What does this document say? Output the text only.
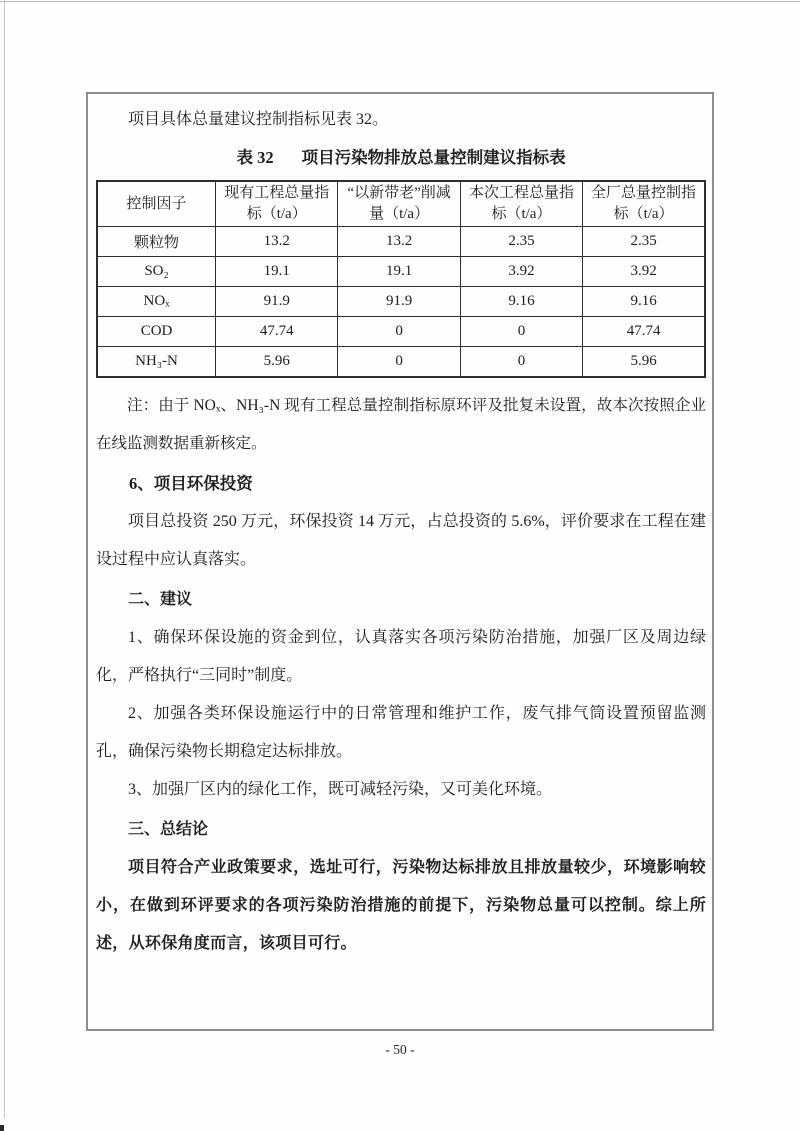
项目具体总量建议控制指标见表 32。

表 32 项目污染物排放总量控制建议指标表

控制因子	现有工程总量指标（t/a）	“以新带老”削减量（t/a）	本次工程总量指标（t/a）	全厂总量控制指标（t/a）
颗粒物	13.2	13.2	2.35	2.35
SO₂	19.1	19.1	3.92	3.92
NOₓ	91.9	91.9	9.16	9.16
COD	47.74	0	0	47.74
NH₃-N	5.96	0	0	5.96

注：由于 NOₓ、NH₃-N 现有工程总量控制指标原环评及批复未设置，故本次按照企业在线监测数据重新核定。

6、项目环保投资

项目总投资 250 万元，环保投资 14 万元，占总投资的 5.6%，评价要求在工程在建设过程中应认真落实。

二、建议

1、确保环保设施的资金到位，认真落实各项污染防治措施，加强厂区及周边绿化，严格执行“三同时”制度。

2、加强各类环保设施运行中的日常管理和维护工作，废气排气筒设置预留监测孔，确保污染物长期稳定达标排放。

3、加强厂区内的绿化工作，既可减轻污染，又可美化环境。

三、总结论

项目符合产业政策要求，选址可行，污染物达标排放且排放量较少，环境影响较小，在做到环评要求的各项污染防治措施的前提下，污染物总量可以控制。综上所述，从环保角度而言，该项目可行。

- 50 -
